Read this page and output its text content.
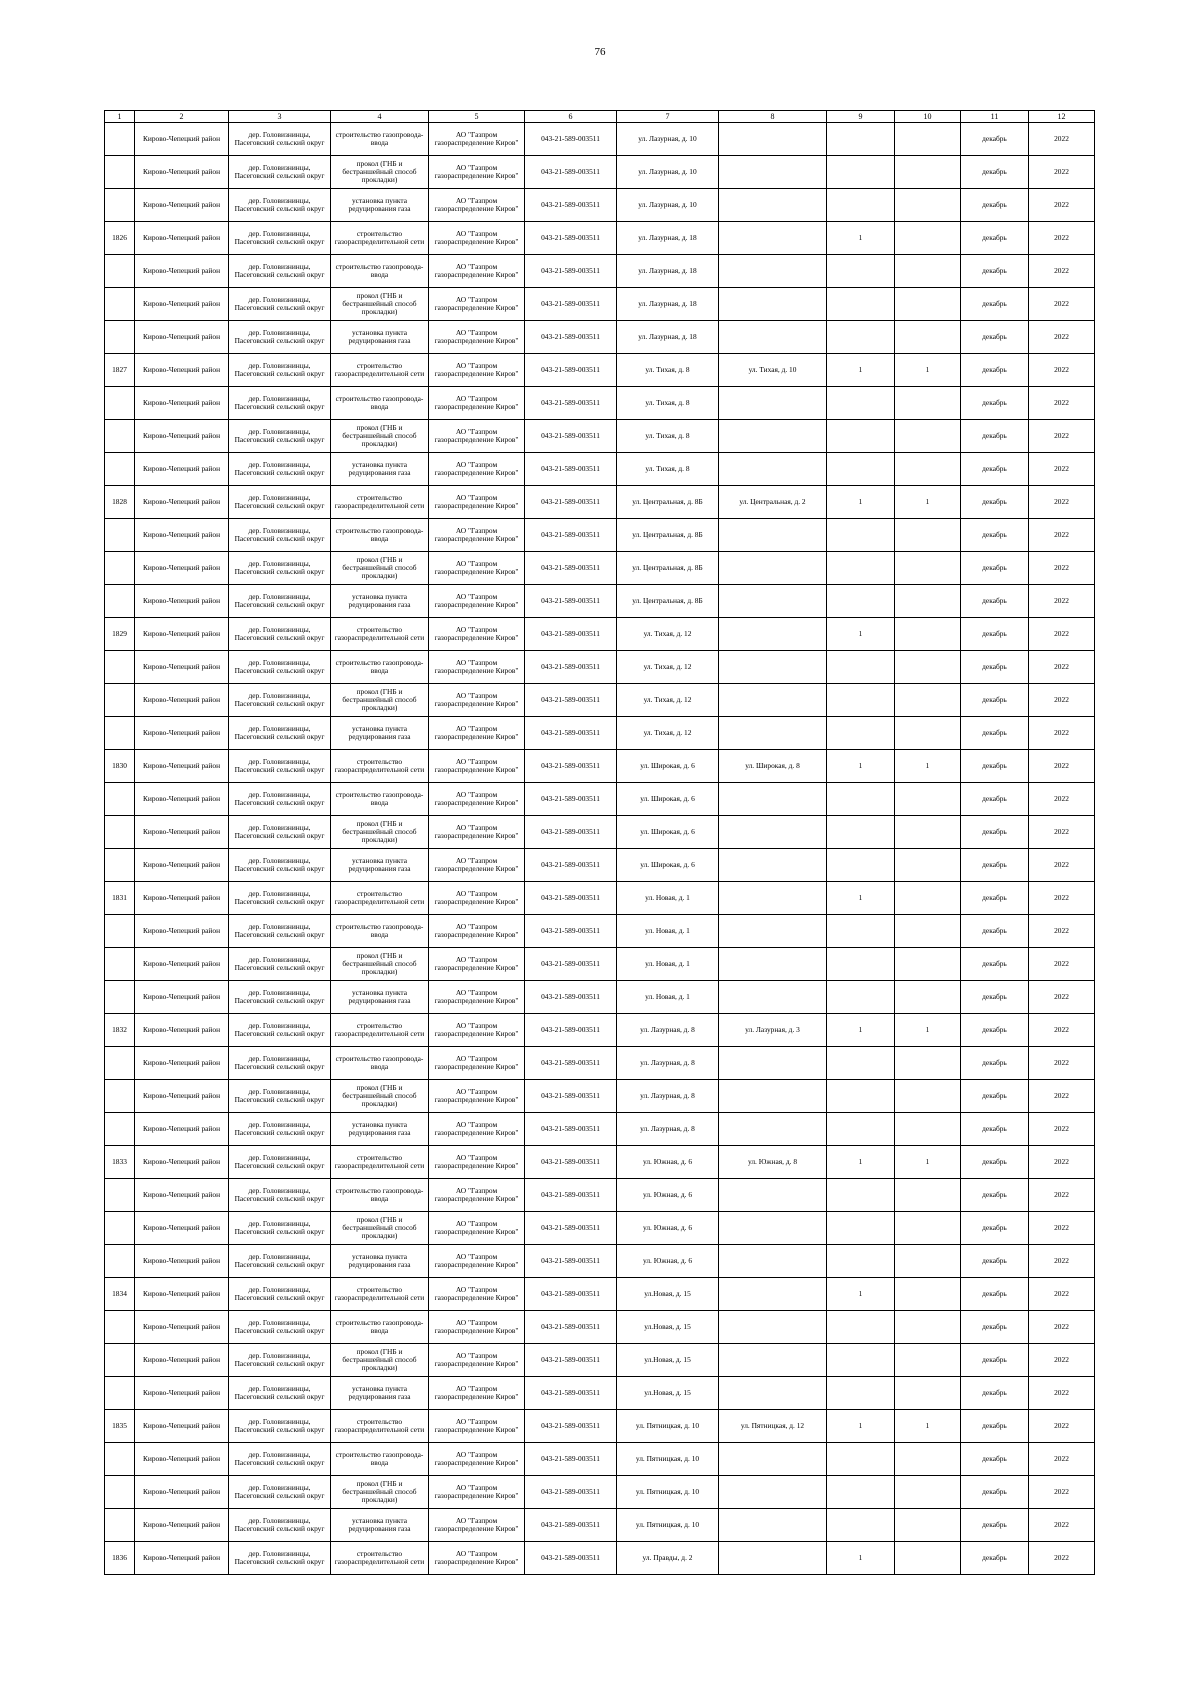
76
1	2	3	4	5	6	7	8	9	10	11	12
	Кирово-Чепецкий район	дер. Головизнинцы, Пасеговский сельский округ	строительство газопровода-ввода	АО "Газпром газораспределение Киров"	043-21-589-003511	ул. Лазурная, д. 10				декабрь	2022
	Кирово-Чепецкий район	дер. Головизнинцы, Пасеговский сельский округ	прокол (ГНБ и бестраншейный способ прокладки)	АО "Газпром газораспределение Киров"	043-21-589-003511	ул. Лазурная, д. 10				декабрь	2022
	Кирово-Чепецкий район	дер. Головизнинцы, Пасеговский сельский округ	установка пункта редуцирования газа	АО "Газпром газораспределение Киров"	043-21-589-003511	ул. Лазурная, д. 10				декабрь	2022
1826	Кирово-Чепецкий район	дер. Головизнинцы, Пасеговский сельский округ	строительство газораспределительной сети	АО "Газпром газораспределение Киров"	043-21-589-003511	ул. Лазурная, д. 18		1		декабрь	2022
	Кирово-Чепецкий район	дер. Головизнинцы, Пасеговский сельский округ	строительство газопровода-ввода	АО "Газпром газораспределение Киров"	043-21-589-003511	ул. Лазурная, д. 18				декабрь	2022
	Кирово-Чепецкий район	дер. Головизнинцы, Пасеговский сельский округ	прокол (ГНБ и бестраншейный способ прокладки)	АО "Газпром газораспределение Киров"	043-21-589-003511	ул. Лазурная, д. 18				декабрь	2022
	Кирово-Чепецкий район	дер. Головизнинцы, Пасеговский сельский округ	установка пункта редуцирования газа	АО "Газпром газораспределение Киров"	043-21-589-003511	ул. Лазурная, д. 18				декабрь	2022
1827	Кирово-Чепецкий район	дер. Головизнинцы, Пасеговский сельский округ	строительство газораспределительной сети	АО "Газпром газораспределение Киров"	043-21-589-003511	ул. Тихая, д. 8	ул. Тихая, д. 10	1	1	декабрь	2022
	Кирово-Чепецкий район	дер. Головизнинцы, Пасеговский сельский округ	строительство газопровода-ввода	АО "Газпром газораспределение Киров"	043-21-589-003511	ул. Тихая, д. 8				декабрь	2022
	Кирово-Чепецкий район	дер. Головизнинцы, Пасеговский сельский округ	прокол (ГНБ и бестраншейный способ прокладки)	АО "Газпром газораспределение Киров"	043-21-589-003511	ул. Тихая, д. 8				декабрь	2022
	Кирово-Чепецкий район	дер. Головизнинцы, Пасеговский сельский округ	установка пункта редуцирования газа	АО "Газпром газораспределение Киров"	043-21-589-003511	ул. Тихая, д. 8				декабрь	2022
1828	Кирово-Чепецкий район	дер. Головизнинцы, Пасеговский сельский округ	строительство газораспределительной сети	АО "Газпром газораспределение Киров"	043-21-589-003511	ул. Центральная, д. 8Б	ул. Центральная, д. 2	1	1	декабрь	2022
	Кирово-Чепецкий район	дер. Головизнинцы, Пасеговский сельский округ	строительство газопровода-ввода	АО "Газпром газораспределение Киров"	043-21-589-003511	ул. Центральная, д. 8Б				декабрь	2022
	Кирово-Чепецкий район	дер. Головизнинцы, Пасеговский сельский округ	прокол (ГНБ и бестраншейный способ прокладки)	АО "Газпром газораспределение Киров"	043-21-589-003511	ул. Центральная, д. 8Б				декабрь	2022
	Кирово-Чепецкий район	дер. Головизнинцы, Пасеговский сельский округ	установка пункта редуцирования газа	АО "Газпром газораспределение Киров"	043-21-589-003511	ул. Центральная, д. 8Б				декабрь	2022
1829	Кирово-Чепецкий район	дер. Головизнинцы, Пасеговский сельский округ	строительство газораспределительной сети	АО "Газпром газораспределение Киров"	043-21-589-003511	ул. Тихая, д. 12		1		декабрь	2022
	Кирово-Чепецкий район	дер. Головизнинцы, Пасеговский сельский округ	строительство газопровода-ввода	АО "Газпром газораспределение Киров"	043-21-589-003511	ул. Тихая, д. 12				декабрь	2022
	Кирово-Чепецкий район	дер. Головизнинцы, Пасеговский сельский округ	прокол (ГНБ и бестраншейный способ прокладки)	АО "Газпром газораспределение Киров"	043-21-589-003511	ул. Тихая, д. 12				декабрь	2022
	Кирово-Чепецкий район	дер. Головизнинцы, Пасеговский сельский округ	установка пункта редуцирования газа	АО "Газпром газораспределение Киров"	043-21-589-003511	ул. Тихая, д. 12				декабрь	2022
1830	Кирово-Чепецкий район	дер. Головизнинцы, Пасеговский сельский округ	строительство газораспределительной сети	АО "Газпром газораспределение Киров"	043-21-589-003511	ул. Широкая, д. 6	ул. Широкая, д. 8	1	1	декабрь	2022
	Кирово-Чепецкий район	дер. Головизнинцы, Пасеговский сельский округ	строительство газопровода-ввода	АО "Газпром газораспределение Киров"	043-21-589-003511	ул. Широкая, д. 6				декабрь	2022
	Кирово-Чепецкий район	дер. Головизнинцы, Пасеговский сельский округ	прокол (ГНБ и бестраншейный способ прокладки)	АО "Газпром газораспределение Киров"	043-21-589-003511	ул. Широкая, д. 6				декабрь	2022
	Кирово-Чепецкий район	дер. Головизнинцы, Пасеговский сельский округ	установка пункта редуцирования газа	АО "Газпром газораспределение Киров"	043-21-589-003511	ул. Широкая, д. 6				декабрь	2022
1831	Кирово-Чепецкий район	дер. Головизнинцы, Пасеговский сельский округ	строительство газораспределительной сети	АО "Газпром газораспределение Киров"	043-21-589-003511	ул. Новая, д. 1		1		декабрь	2022
	Кирово-Чепецкий район	дер. Головизнинцы, Пасеговский сельский округ	строительство газопровода-ввода	АО "Газпром газораспределение Киров"	043-21-589-003511	ул. Новая, д. 1				декабрь	2022
	Кирово-Чепецкий район	дер. Головизнинцы, Пасеговский сельский округ	прокол (ГНБ и бестраншейный способ прокладки)	АО "Газпром газораспределение Киров"	043-21-589-003511	ул. Новая, д. 1				декабрь	2022
	Кирово-Чепецкий район	дер. Головизнинцы, Пасеговский сельский округ	установка пункта редуцирования газа	АО "Газпром газораспределение Киров"	043-21-589-003511	ул. Новая, д. 1				декабрь	2022
1832	Кирово-Чепецкий район	дер. Головизнинцы, Пасеговский сельский округ	строительство газораспределительной сети	АО "Газпром газораспределение Киров"	043-21-589-003511	ул. Лазурная, д. 8	ул. Лазурная, д. 3	1	1	декабрь	2022
	Кирово-Чепецкий район	дер. Головизнинцы, Пасеговский сельский округ	строительство газопровода-ввода	АО "Газпром газораспределение Киров"	043-21-589-003511	ул. Лазурная, д. 8				декабрь	2022
	Кирово-Чепецкий район	дер. Головизнинцы, Пасеговский сельский округ	прокол (ГНБ и бестраншейный способ прокладки)	АО "Газпром газораспределение Киров"	043-21-589-003511	ул. Лазурная, д. 8				декабрь	2022
	Кирово-Чепецкий район	дер. Головизнинцы, Пасеговский сельский округ	установка пункта редуцирования газа	АО "Газпром газораспределение Киров"	043-21-589-003511	ул. Лазурная, д. 8				декабрь	2022
1833	Кирово-Чепецкий район	дер. Головизнинцы, Пасеговский сельский округ	строительство газораспределительной сети	АО "Газпром газораспределение Киров"	043-21-589-003511	ул. Южная, д. 6	ул. Южная, д. 8	1	1	декабрь	2022
	Кирово-Чепецкий район	дер. Головизнинцы, Пасеговский сельский округ	строительство газопровода-ввода	АО "Газпром газораспределение Киров"	043-21-589-003511	ул. Южная, д. 6				декабрь	2022
	Кирово-Чепецкий район	дер. Головизнинцы, Пасеговский сельский округ	прокол (ГНБ и бестраншейный способ прокладки)	АО "Газпром газораспределение Киров"	043-21-589-003511	ул. Южная, д. 6				декабрь	2022
	Кирово-Чепецкий район	дер. Головизнинцы, Пасеговский сельский округ	установка пункта редуцирования газа	АО "Газпром газораспределение Киров"	043-21-589-003511	ул. Южная, д. 6				декабрь	2022
1834	Кирово-Чепецкий район	дер. Головизнинцы, Пасеговский сельский округ	строительство газораспределительной сети	АО "Газпром газораспределение Киров"	043-21-589-003511	ул.Новая, д. 15		1		декабрь	2022
	Кирово-Чепецкий район	дер. Головизнинцы, Пасеговский сельский округ	строительство газопровода-ввода	АО "Газпром газораспределение Киров"	043-21-589-003511	ул.Новая, д. 15				декабрь	2022
	Кирово-Чепецкий район	дер. Головизнинцы, Пасеговский сельский округ	прокол (ГНБ и бестраншейный способ прокладки)	АО "Газпром газораспределение Киров"	043-21-589-003511	ул.Новая, д. 15				декабрь	2022
	Кирово-Чепецкий район	дер. Головизнинцы, Пасеговский сельский округ	установка пункта редуцирования газа	АО "Газпром газораспределение Киров"	043-21-589-003511	ул.Новая, д. 15				декабрь	2022
1835	Кирово-Чепецкий район	дер. Головизнинцы, Пасеговский сельский округ	строительство газораспределительной сети	АО "Газпром газораспределение Киров"	043-21-589-003511	ул. Пятницкая, д. 10	ул. Пятницкая, д. 12	1	1	декабрь	2022
	Кирово-Чепецкий район	дер. Головизнинцы, Пасеговский сельский округ	строительство газопровода-ввода	АО "Газпром газораспределение Киров"	043-21-589-003511	ул. Пятницкая, д. 10				декабрь	2022
	Кирово-Чепецкий район	дер. Головизнинцы, Пасеговский сельский округ	прокол (ГНБ и бестраншейный способ прокладки)	АО "Газпром газораспределение Киров"	043-21-589-003511	ул. Пятницкая, д. 10				декабрь	2022
	Кирово-Чепецкий район	дер. Головизнинцы, Пасеговский сельский округ	установка пункта редуцирования газа	АО "Газпром газораспределение Киров"	043-21-589-003511	ул. Пятницкая, д. 10				декабрь	2022
1836	Кирово-Чепецкий район	дер. Головизнинцы, Пасеговский сельский округ	строительство газораспределительной сети	АО "Газпром газораспределение Киров"	043-21-589-003511	ул. Правды, д. 2		1		декабрь	2022
